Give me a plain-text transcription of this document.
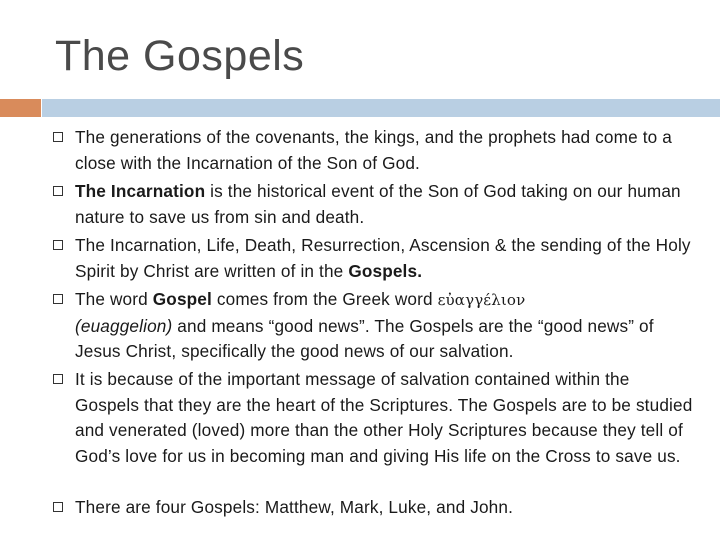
The Gospels
The generations of the covenants, the kings, and the prophets had come to a close with the Incarnation of the Son of God.
The Incarnation is the historical event of the Son of God taking on our human nature to save us from sin and death.
The Incarnation, Life, Death, Resurrection, Ascension & the sending of the Holy Spirit by Christ are written of in the Gospels.
The word Gospel comes from the Greek word εὐαγγέλιον
(euaggelion) and means “good news”. The Gospels are the “good news” of Jesus Christ, specifically the good news of our salvation.
It is because of the important message of salvation contained within the Gospels that they are the heart of the Scriptures. The Gospels are to be studied and venerated (loved) more than the other Holy Scriptures because they tell of God’s love for us in becoming man and giving His life on the Cross to save us.
There are four Gospels: Matthew, Mark, Luke, and John.
